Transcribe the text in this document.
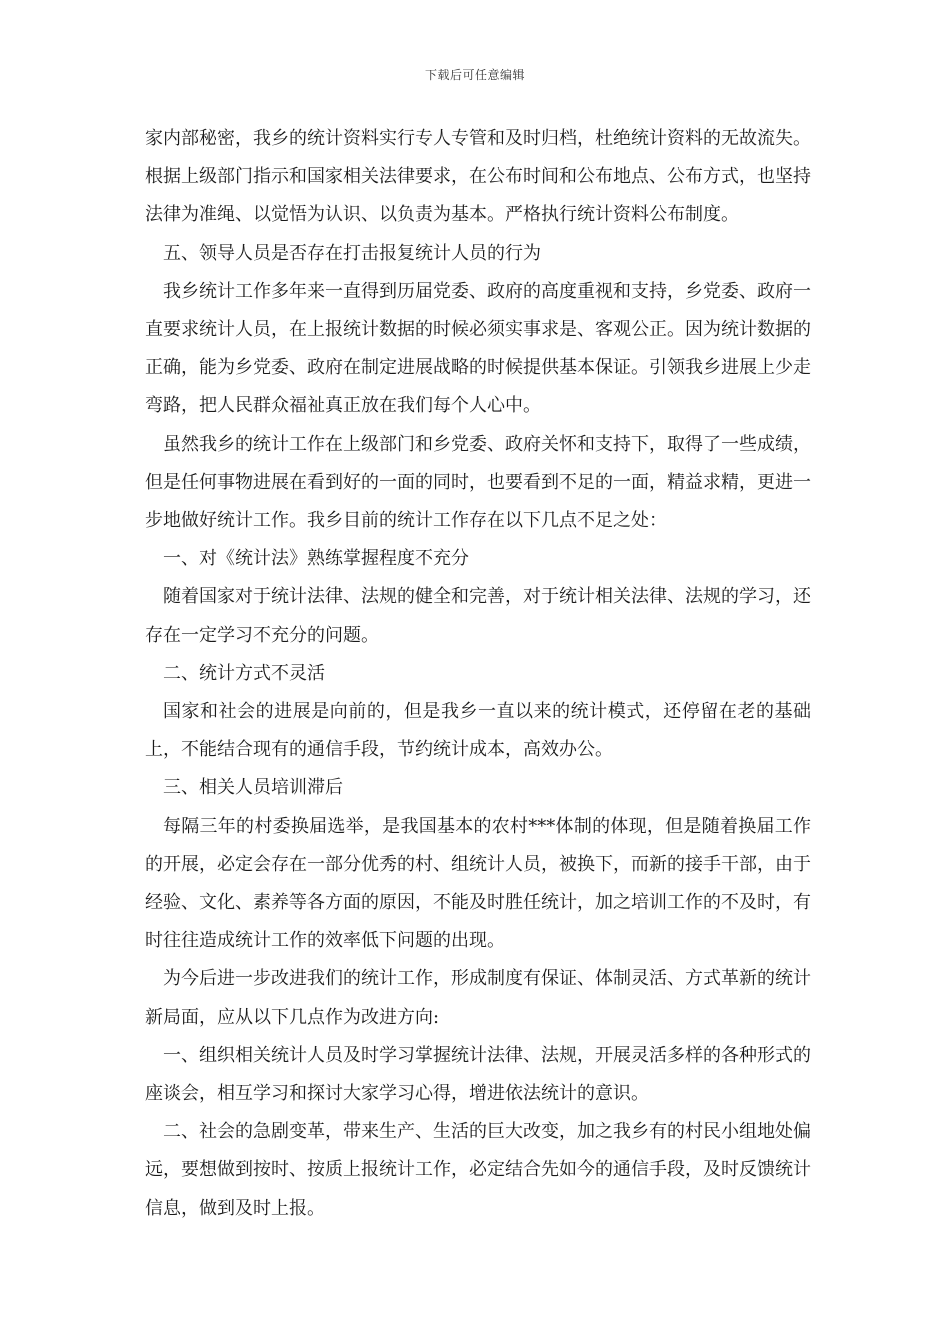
下载后可任意编辑

家内部秘密，我乡的统计资料实行专人专管和及时归档，杜绝统计资料的无故流失。根据上级部门指示和国家相关法律要求，在公布时间和公布地点、公布方式，也坚持法律为准绳、以觉悟为认识、以负责为基本。严格执行统计资料公布制度。

五、领导人员是否存在打击报复统计人员的行为

我乡统计工作多年来一直得到历届党委、政府的高度重视和支持，乡党委、政府一直要求统计人员，在上报统计数据的时候必须实事求是、客观公正。因为统计数据的正确，能为乡党委、政府在制定进展战略的时候提供基本保证。引领我乡进展上少走弯路，把人民群众福祉真正放在我们每个人心中。

虽然我乡的统计工作在上级部门和乡党委、政府关怀和支持下，取得了一些成绩，但是任何事物进展在看到好的一面的同时，也要看到不足的一面，精益求精，更进一步地做好统计工作。我乡目前的统计工作存在以下几点不足之处：

一、对《统计法》熟练掌握程度不充分

随着国家对于统计法律、法规的健全和完善，对于统计相关法律、法规的学习，还存在一定学习不充分的问题。

二、统计方式不灵活

国家和社会的进展是向前的，但是我乡一直以来的统计模式，还停留在老的基础上，不能结合现有的通信手段，节约统计成本，高效办公。

三、相关人员培训滞后

每隔三年的村委换届选举，是我国基本的农村***体制的体现，但是随着换届工作的开展，必定会存在一部分优秀的村、组统计人员，被换下，而新的接手干部，由于经验、文化、素养等各方面的原因，不能及时胜任统计，加之培训工作的不及时，有时往往造成统计工作的效率低下问题的出现。

为今后进一步改进我们的统计工作，形成制度有保证、体制灵活、方式革新的统计新局面，应从以下几点作为改进方向:

一、组织相关统计人员及时学习掌握统计法律、法规，开展灵活多样的各种形式的座谈会，相互学习和探讨大家学习心得，增进依法统计的意识。

二、社会的急剧变革，带来生产、生活的巨大改变，加之我乡有的村民小组地处偏远，要想做到按时、按质上报统计工作，必定结合先如今的通信手段，及时反馈统计信息，做到及时上报。
